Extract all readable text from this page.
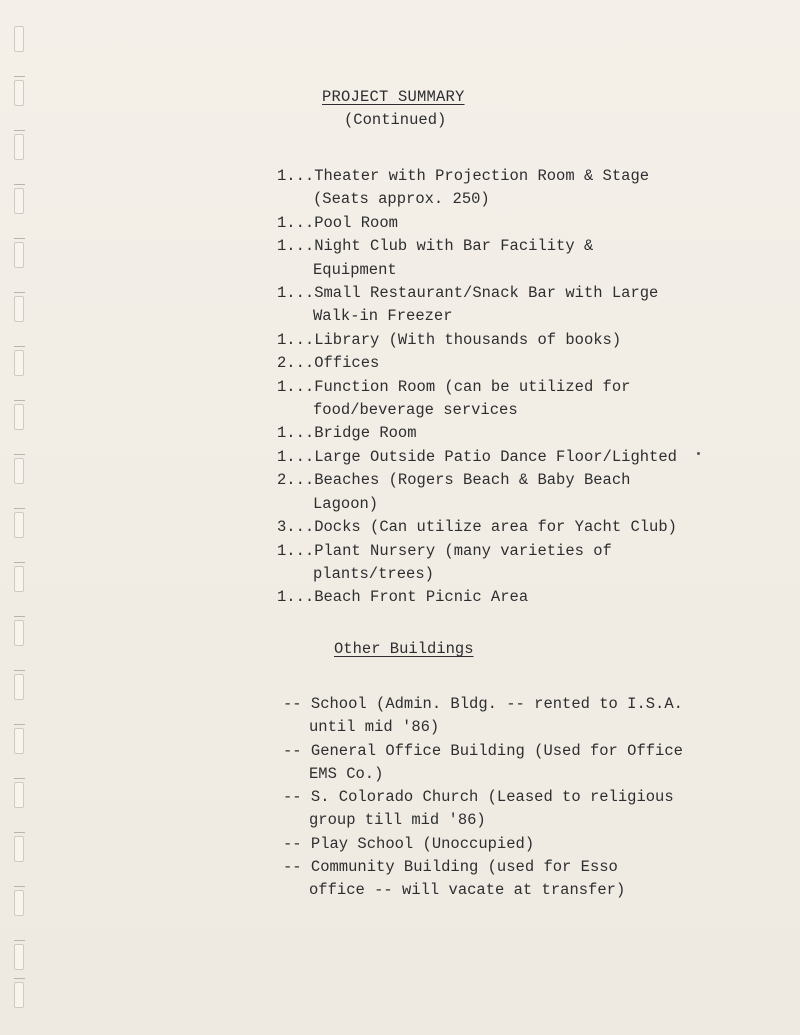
PROJECT SUMMARY
(Continued)

1...Theater with Projection Room & Stage
(Seats approx. 250)

1...Pool Room

1...Night Club with Bar Facility &
Equipment

1...Small Restaurant/Snack Bar with Large
Walk-in Freezer

1...Library (With thousands of books)

2...Offices

1...Function Room (can be utilized for
food/beverage services

1...Bridge Room

1...Large Outside Patio Dance Floor/Lighted

2...Beaches (Rogers Beach & Baby Beach
Lagoon)

3...Docks (Can utilize area for Yacht Club)

1...Plant Nursery (many varieties of
plants/trees)

1...Beach Front Picnic Area

Other Buildings

-- School (Admin. Bldg. -- rented to I.S.A.
until mid '86)

-- General Office Building (Used for Office
EMS Co.)

-- S. Colorado Church (Leased to religious
group till mid '86)

-- Play School (Unoccupied)

-- Community Building (used for Esso
office -- will vacate at transfer)
